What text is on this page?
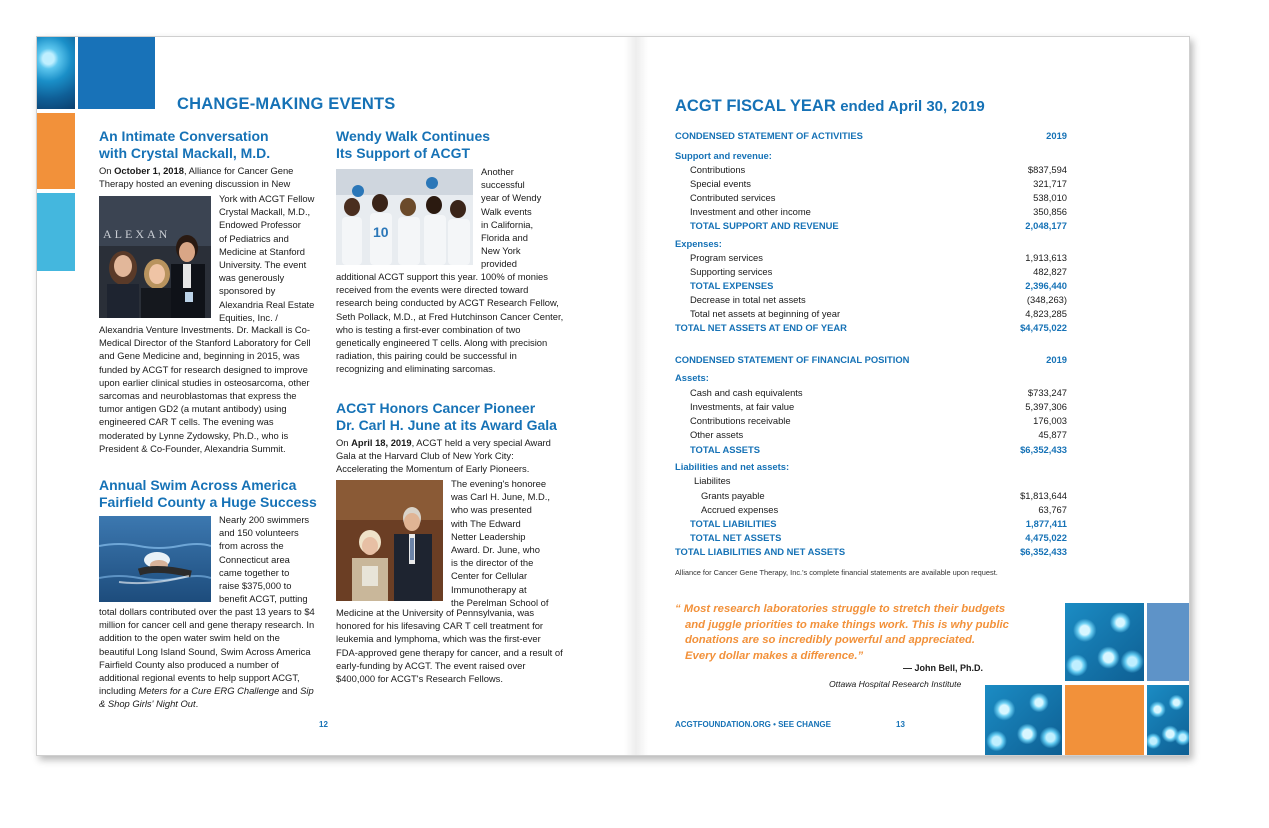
CHANGE-MAKING EVENTS
An Intimate Conversation
with Crystal Mackall, M.D.
On October 1, 2018, Alliance for Cancer Gene Therapy hosted an evening discussion in New
ALEXAN
York with ACGT Fellow
Crystal Mackall, M.D.,
Endowed Professor
of Pediatrics and
Medicine at Stanford
University. The event
was generously
sponsored by
Alexandria Real Estate
Equities, Inc. /
Alexandria Venture Investments. Dr. Mackall is Co-Medical Director of the Stanford Laboratory for Cell and Gene Medicine and, beginning in 2015, was funded by ACGT for research designed to improve upon earlier clinical studies in osteosarcoma, other sarcomas and neuroblastomas that express the tumor antigen GD2 (a mutant antibody) using engineered CAR T cells. The evening was moderated by Lynne Zydowsky, Ph.D., who is President & Co-Founder, Alexandria Summit.
Annual Swim Across America
Fairfield County a Huge Success
Nearly 200 swimmers
and 150 volunteers
from across the
Connecticut area
came together to
raise $375,000 to
benefit ACGT, putting
total dollars contributed over the past 13 years to $4 million for cancer cell and gene therapy research. In addition to the open water swim held on the beautiful Long Island Sound, Swim Across America Fairfield County also produced a number of additional regional events to help support ACGT, including Meters for a Cure ERG Challenge and Sip & Shop Girls' Night Out.
Wendy Walk Continues
Its Support of ACGT
10
Another
successful
year of Wendy
Walk events
in California,
Florida and
New York
provided
additional ACGT support this year. 100% of monies received from the events were directed toward research being conducted by ACGT Research Fellow, Seth Pollack, M.D., at Fred Hutchinson Cancer Center, who is testing a first-ever combination of two genetically engineered T cells. Along with precision radiation, this pairing could be successful in recognizing and eliminating sarcomas.
ACGT Honors Cancer Pioneer
Dr. Carl H. June at its Award Gala
On April 18, 2019, ACGT held a very special Award Gala at the Harvard Club of New York City: Accelerating the Momentum of Early Pioneers.
The evening's honoree
was Carl H. June, M.D.,
who was presented
with The Edward
Netter Leadership
Award. Dr. June, who
is the director of the
Center for Cellular
Immunotherapy at
the Perelman School of
Medicine at the University of Pennsylvania, was honored for his lifesaving CAR T cell treatment for leukemia and lymphoma, which was the first-ever FDA-approved gene therapy for cancer, and a result of early-funding by ACGT. The event raised over $400,000 for ACGT's Research Fellows.
12
ACGT FISCAL YEAR ended April 30, 2019
CONDENSED STATEMENT OF ACTIVITIES	2019
Support and revenue:
Contributions	$837,594
Special events	321,717
Contributed services	538,010
Investment and other income	350,856
TOTAL SUPPORT AND REVENUE	2,048,177
Expenses:
Program services	1,913,613
Supporting services	482,827
TOTAL EXPENSES	2,396,440
Decrease in total net assets	(348,263)
Total net assets at beginning of year	4,823,285
TOTAL NET ASSETS AT END OF YEAR	$4,475,022
CONDENSED STATEMENT OF FINANCIAL POSITION	2019
Assets:
Cash and cash equivalents	$733,247
Investments, at fair value	5,397,306
Contributions receivable	176,003
Other assets	45,877
TOTAL ASSETS	$6,352,433
Liabilities and net assets:
Liabilites
Grants payable	$1,813,644
Accrued expenses	63,767
TOTAL LIABILITIES	1,877,411
TOTAL NET ASSETS	4,475,022
TOTAL LIABILITIES AND NET ASSETS	$6,352,433
Alliance for Cancer Gene Therapy, Inc.'s complete financial statements are available upon request.
“ Most research laboratories struggle to stretch their budgets
and juggle priorities to make things work. This is why public
donations are so incredibly powerful and appreciated.
Every dollar makes a difference.”
— John Bell, Ph.D.
Ottawa Hospital Research Institute
ACGTFOUNDATION.ORG • SEE CHANGE	13
